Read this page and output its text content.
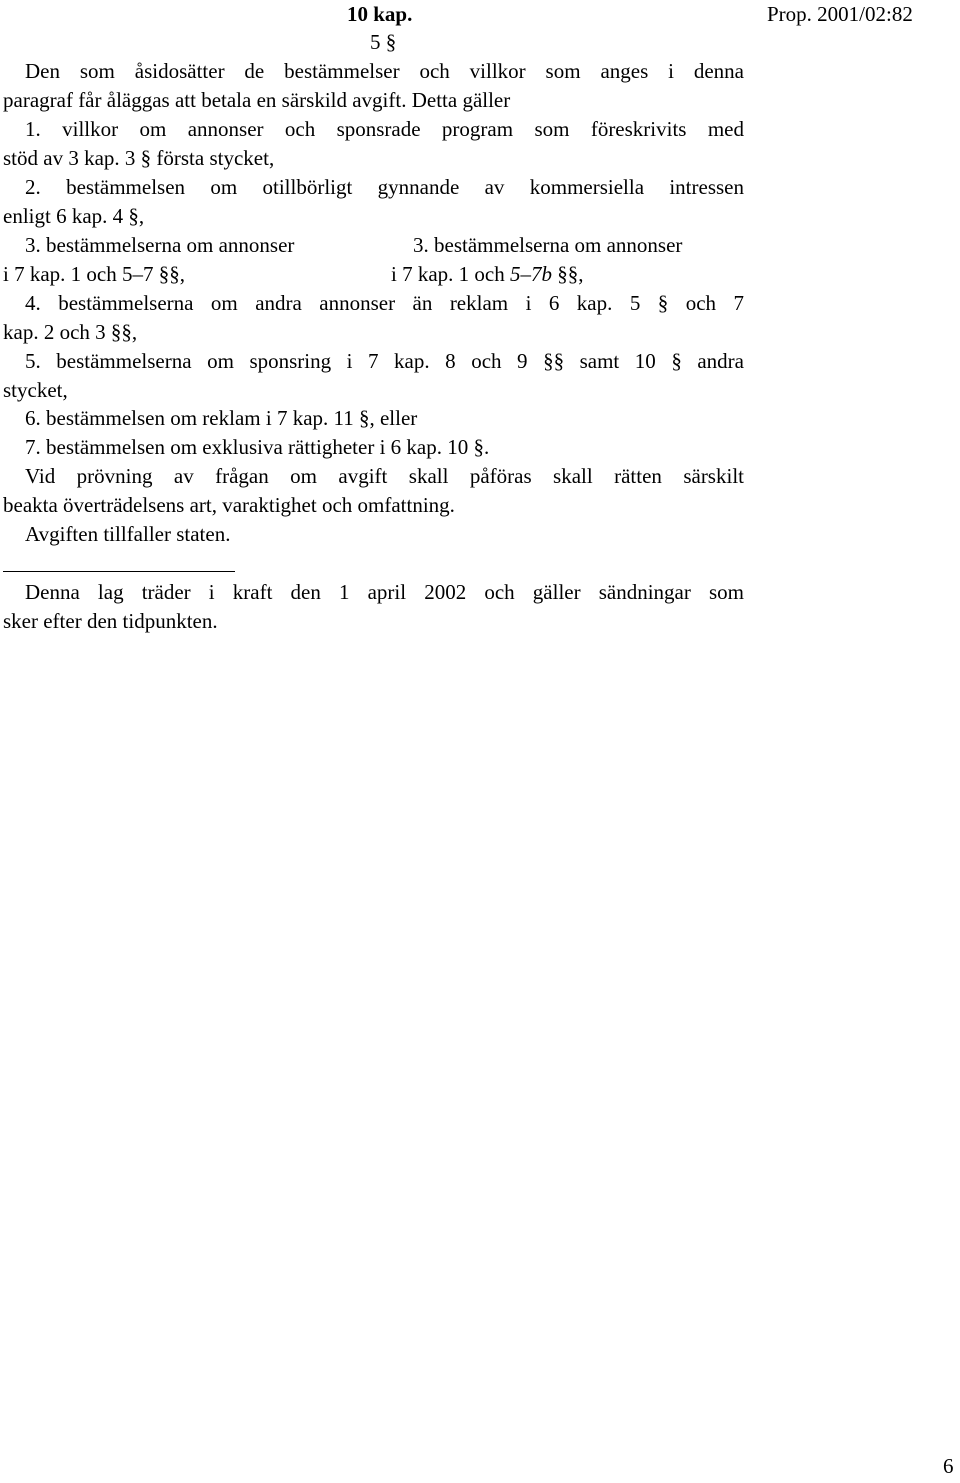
10 kap.	Prop. 2001/02:82
5 §
Den som åsidosätter de bestämmelser och villkor som anges i denna
paragraf får åläggas att betala en särskild avgift. Detta gäller
1. villkor om annonser och sponsrade program som föreskrivits med
stöd av 3 kap. 3 § första stycket,
2. bestämmelsen om otillbörligt gynnande av kommersiella intressen
enligt 6 kap. 4 §,
3. bestämmelserna om annonser
i 7 kap. 1 och 5–7 §§,
3. bestämmelserna om annonser
i 7 kap. 1 och 5–7b §§,
4. bestämmelserna om andra annonser än reklam i 6 kap. 5 § och 7
kap. 2 och 3 §§,
5. bestämmelserna om sponsring i 7 kap. 8 och 9 §§ samt 10 § andra
stycket,
6. bestämmelsen om reklam i 7 kap. 11 §, eller
7. bestämmelsen om exklusiva rättigheter i 6 kap. 10 §.
Vid prövning av frågan om avgift skall påföras skall rätten särskilt
beakta överträdelsens art, varaktighet och omfattning.
Avgiften tillfaller staten.
Denna lag träder i kraft den 1 april 2002 och gäller sändningar som
sker efter den tidpunkten.
6
